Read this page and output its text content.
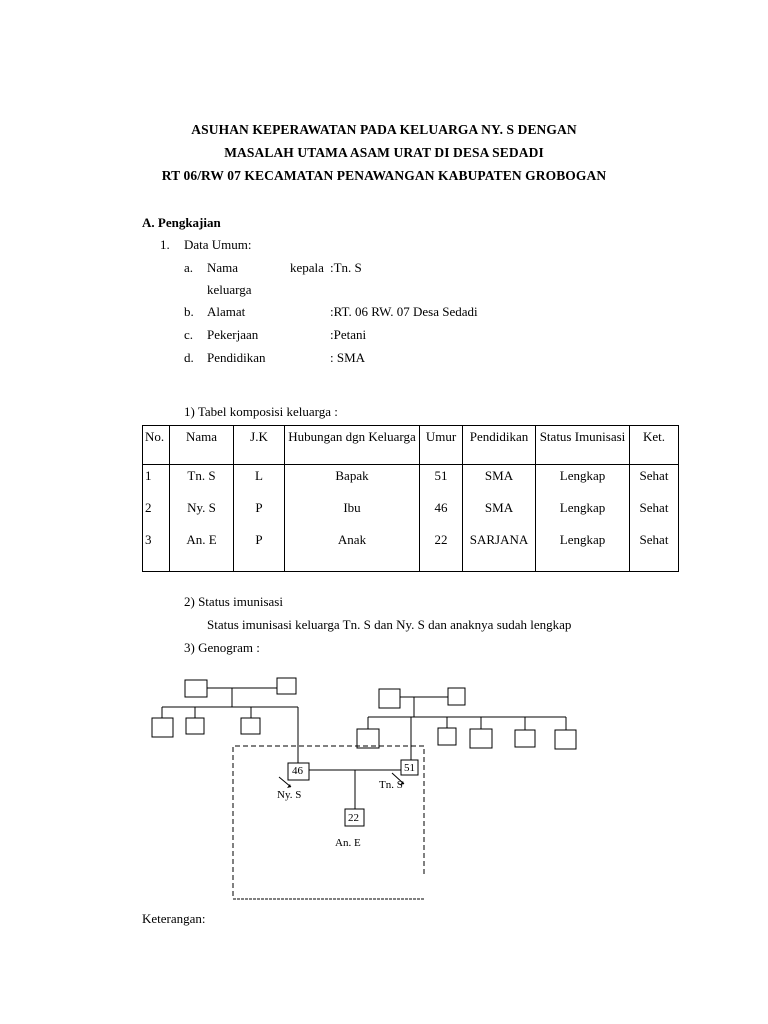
ASUHAN KEPERAWATAN PADA KELUARGA NY. S DENGAN
MASALAH UTAMA ASAM URAT DI DESA SEDADI
RT 06/RW 07 KECAMATAN PENAWANGAN KABUPATEN GROBOGAN
A. Pengkajian
1. Data Umum:
a. Nama	kepala :Tn. S
keluarga
b. Alamat	:RT. 06 RW. 07 Desa Sedadi
c. Pekerjaan	:Petani
d. Pendidikan	: SMA
1) Tabel komposisi keluarga :
No.	Nama	J.K	Hubungan dgn Keluarga	Umur	Pendidikan	Status Imunisasi	Ket.
1	Tn. S	L	Bapak	51	SMA	Lengkap	Sehat
2	Ny. S	P	Ibu	46	SMA	Lengkap	Sehat
3	An. E	P	Anak	22	SARJANA	Lengkap	Sehat
2) Status imunisasi
Status imunisasi keluarga Tn. S dan Ny. S dan anaknya sudah lengkap
3) Genogram :
46	51
22
Ny. S
Tn. S
An. E
Keterangan:
